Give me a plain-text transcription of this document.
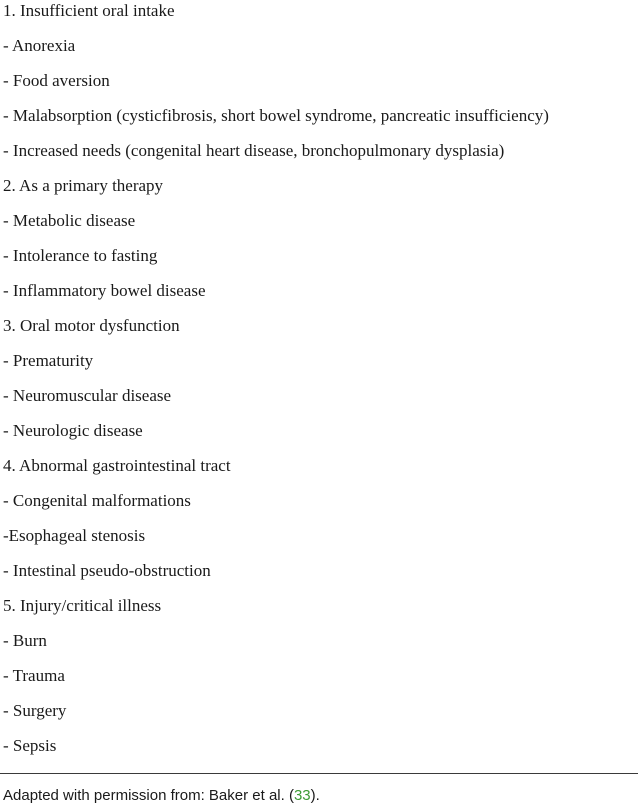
1. Insufficient oral intake
- Anorexia
- Food aversion
- Malabsorption (cysticfibrosis, short bowel syndrome, pancreatic insufficiency)
- Increased needs (congenital heart disease, bronchopulmonary dysplasia)
2. As a primary therapy
- Metabolic disease
- Intolerance to fasting
- Inflammatory bowel disease
3. Oral motor dysfunction
- Prematurity
- Neuromuscular disease
- Neurologic disease
4. Abnormal gastrointestinal tract
- Congenital malformations
-Esophageal stenosis
- Intestinal pseudo-obstruction
5. Injury/critical illness
- Burn
- Trauma
- Surgery
- Sepsis
Adapted with permission from: Baker et al. (33).
